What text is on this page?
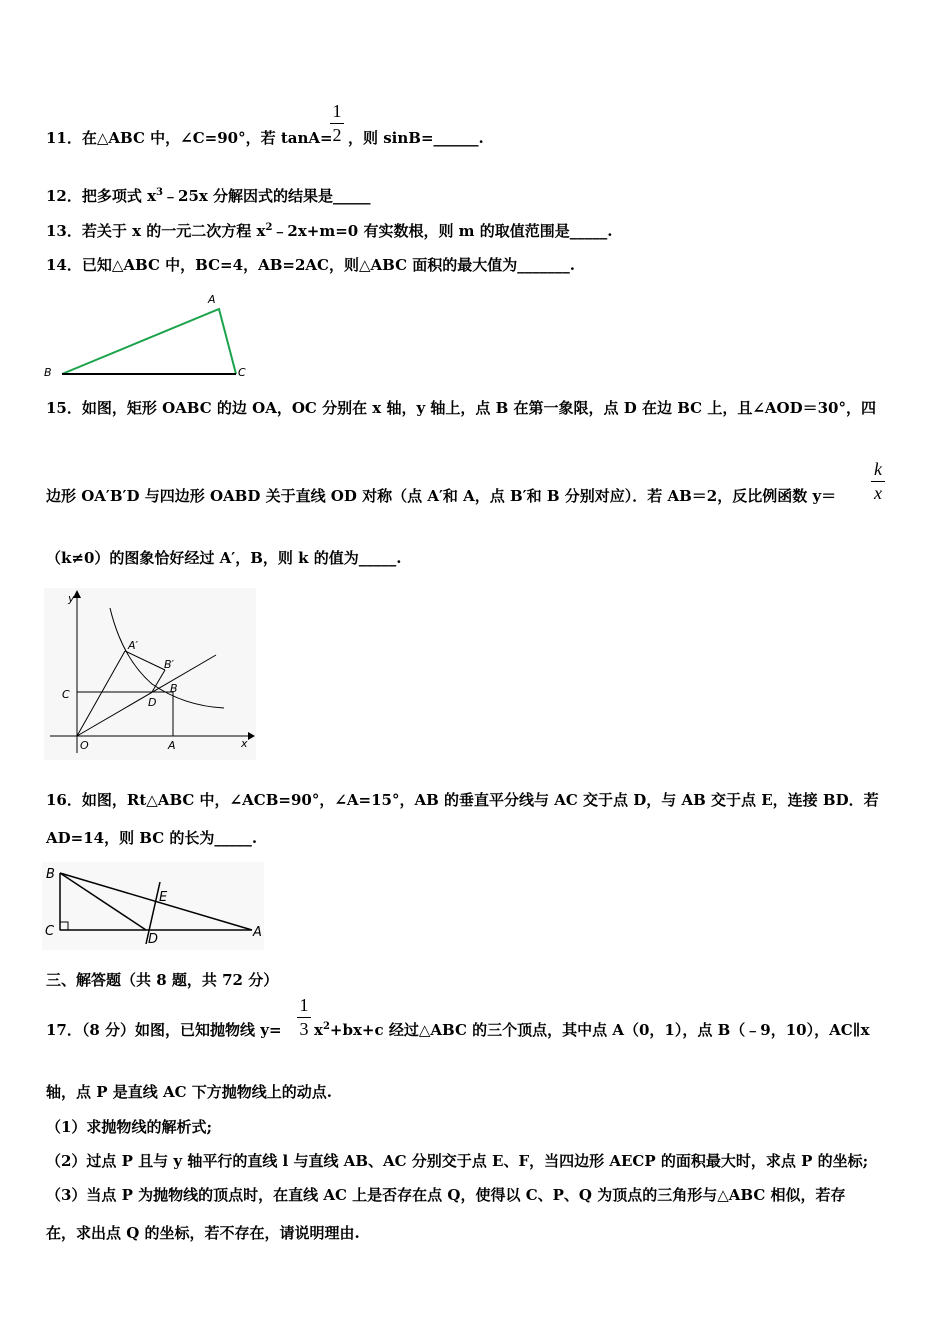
11．在△ABC 中，∠C=90°，若 tanA=
1
2 ，则 sinB=______.
12．把多项式 $x^3﹣25x$ 分解因式的结果是_____
13．若关于 x 的一元二次方程 $x^2﹣2x+m=0$ 有实数根，则 m 的取值范围是_____.
14．已知△ABC 中，BC=4，AB=2AC，则△ABC 面积的最大值为_______.
A
B	C
15．如图，矩形 OABC 的边 OA，OC 分别在 x 轴，y 轴上，点 B 在第一象限，点 D 在边 BC 上，且∠AOD＝30°，四
边形 OA′B′D 与四边形 OABD 关于直线 OD 对称（点 A′和 A，点 B′和 B 分别对应）．若 AB＝2，反比例函数 y＝
k
x
（k≠0）的图象恰好经过 A′，B，则 k 的值为_____.
y
x
O	A
B
C
D
A′
B′
16．如图，Rt△ABC 中，∠ACB=90°，∠A=15°，AB 的垂直平分线与 AC 交于点 D，与 AB 交于点 E，连接 BD．若
AD=14，则 BC 的长为_____.
B
C
D
E
A
三、解答题（共 8 题，共 72 分）
17．（8 分）如图，已知抛物线 y=
1
3 $x^2+bx+c$ 经过△ABC 的三个顶点，其中点 A（0，1），点 B（﹣9，10），AC∥x
轴，点 P 是直线 AC 下方抛物线上的动点.
（1）求抛物线的解析式;
（2）过点 P 且与 y 轴平行的直线 l 与直线 AB、AC 分别交于点 E、F，当四边形 AECP 的面积最大时，求点 P 的坐标;
（3）当点 P 为抛物线的顶点时，在直线 AC 上是否存在点 Q，使得以 C、P、Q 为顶点的三角形与△ABC 相似，若存
在，求出点 Q 的坐标，若不存在，请说明理由.
